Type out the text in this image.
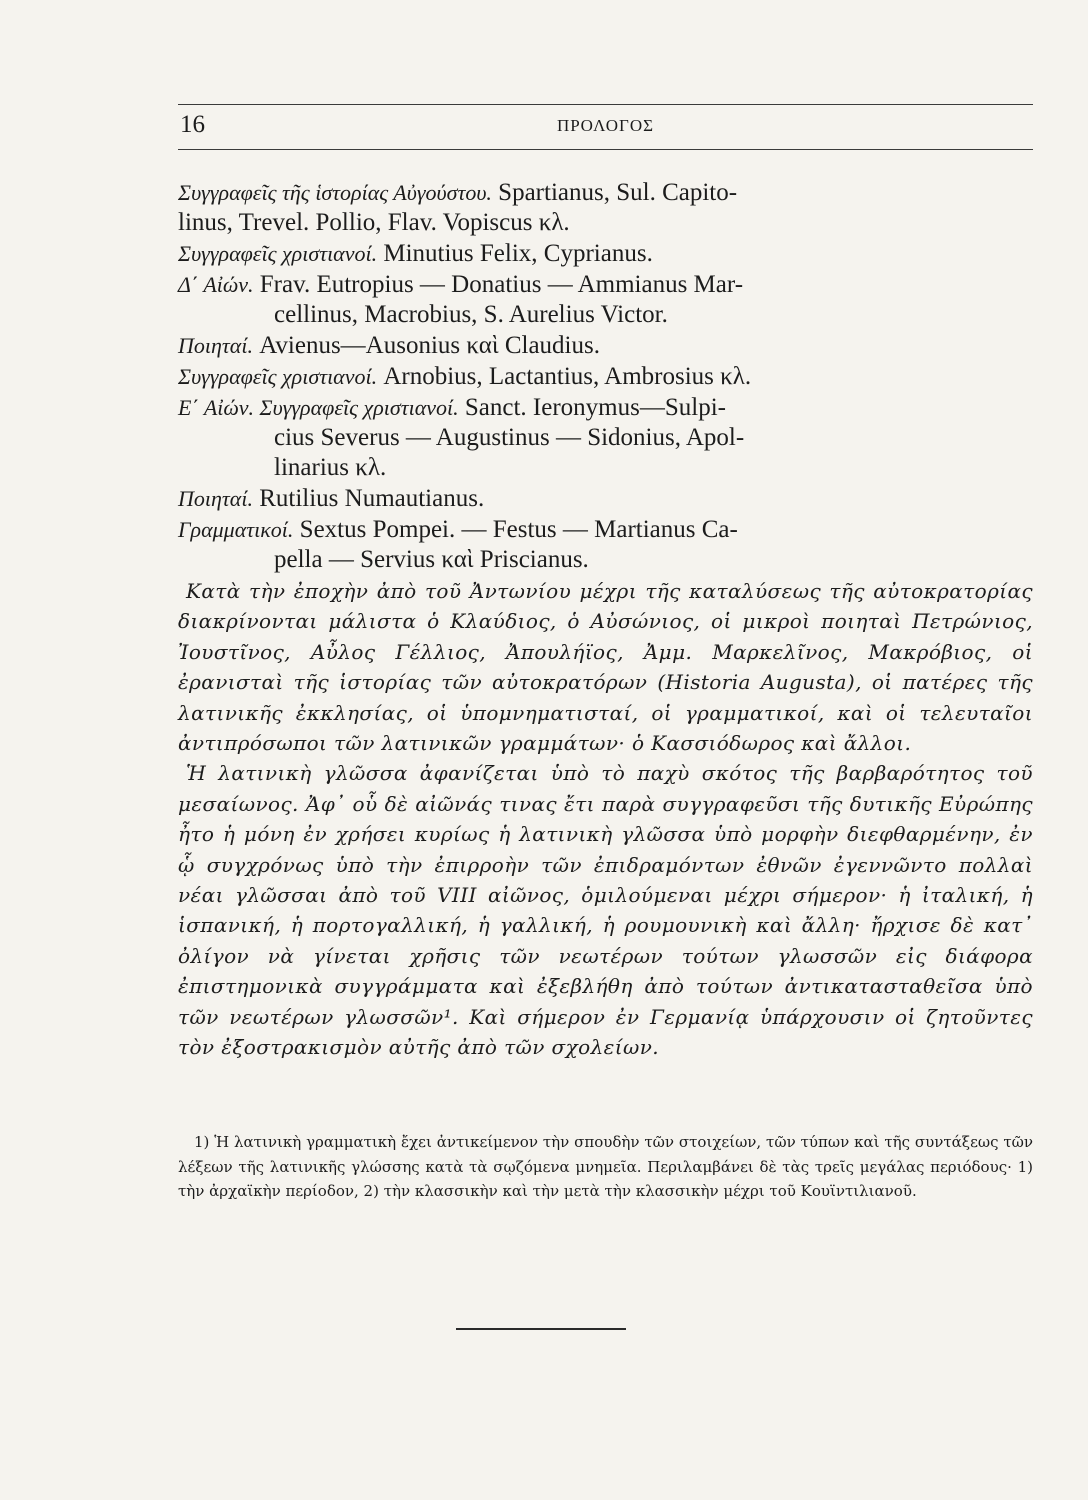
16	ΠΡΟΛΟΓΟΣ
Συγγραφεῖς τῆς ἱστορίας Αὐγούστου. Spartianus, Sul. Capito-
linus, Trevel. Pollio, Flav. Vopiscus κλ.
Συγγραφεῖς χριστιανοί. Minutius Felix, Cyprianus.
Δ΄ Αἰών. Frav. Eutropius — Donatius — Ammianus Mar-
cellinus, Macrobius, S. Aurelius Victor.
Ποιηταί. Avienus—Ausonius καὶ Claudius.
Συγγραφεῖς χριστιανοί. Arnobius, Lactantius, Ambrosius κλ.
Ε΄ Αἰών. Συγγραφεῖς χριστιανοί. Sanct. Ieronymus—Sulpi-
cius Severus — Augustinus — Sidonius, Apol-
linarius κλ.
Ποιηταί. Rutilius Numautianus.
Γραμματικοί. Sextus Pompei. — Festus — Martianus Ca-
pella — Servius καὶ Priscianus.

Κατὰ τὴν ἐποχὴν ἀπὸ τοῦ Ἀντωνίου μέχρι τῆς καταλύσεως τῆς αὐτοκρατορίας διακρίνονται μάλιστα ὁ Κλαύδιος, ὁ Αὐσώνιος, οἱ μικροὶ ποιηταὶ Πετρώνιος, Ἰουστῖνος, Αὖλος Γέλλιος, Ἀπουλήϊος, Ἀμμ. Μαρκελῖνος, Μακρόβιος, οἱ ἐρανισταὶ τῆς ἱστορίας τῶν αὐτοκρατόρων (Historia Augusta), οἱ πατέρες τῆς λατινικῆς ἐκκλησίας, οἱ ὑπομνηματισταί, οἱ γραμματικοί, καὶ οἱ τελευταῖοι ἀντιπρόσωποι τῶν λατινικῶν γραμμάτων· ὁ Κασσιόδωρος καὶ ἄλλοι.

Ἡ λατινικὴ γλῶσσα ἀφανίζεται ὑπὸ τὸ παχὺ σκότος τῆς βαρβαρότητος τοῦ μεσαίωνος. Ἀφ᾽ οὗ δὲ αἰῶνάς τινας ἔτι παρὰ συγγραφεῦσι τῆς δυτικῆς Εὐρώπης ἦτο ἡ μόνη ἐν χρήσει κυρίως ἡ λατινικὴ γλῶσσα ὑπὸ μορφὴν διεφθαρμένην, ἐν ᾧ συγχρόνως ὑπὸ τὴν ἐπιρροὴν τῶν ἐπιδραμόντων ἐθνῶν ἐγεννῶντο πολλαὶ νέαι γλῶσσαι ἀπὸ τοῦ VIII αἰῶνος, ὁμιλούμεναι μέχρι σήμερον· ἡ ἰταλική, ἡ ἱσπανική, ἡ πορτογαλλική, ἡ γαλλική, ἡ ρουμουνικὴ καὶ ἄλλη· ἤρχισε δὲ κατ᾽ ὀλίγον νὰ γίνεται χρῆσις τῶν νεωτέρων τούτων γλωσσῶν εἰς διάφορα ἐπιστημονικὰ συγγράμματα καὶ ἐξεβλήθη ἀπὸ τούτων ἀντικατασταθεῖσα ὑπὸ τῶν νεωτέρων γλωσσῶν¹. Καὶ σήμερον ἐν Γερμανίᾳ ὑπάρχουσιν οἱ ζητοῦντες τὸν ἐξοστρακισμὸν αὐτῆς ἀπὸ τῶν σχολείων.

1) Ἡ λατινικὴ γραμματικὴ ἔχει ἀντικείμενον τὴν σπουδὴν τῶν στοιχείων, τῶν τύπων καὶ τῆς συντάξεως τῶν λέξεων τῆς λατινικῆς γλώσσης κατὰ τὰ σῳζόμενα μνημεῖα. Περιλαμβάνει δὲ τὰς τρεῖς μεγάλας περιόδους· 1) τὴν ἀρχαϊκὴν περίοδον, 2) τὴν κλασσικὴν καὶ τὴν μετὰ τὴν κλασσικὴν μέχρι τοῦ Κουϊντιλιανοῦ.
